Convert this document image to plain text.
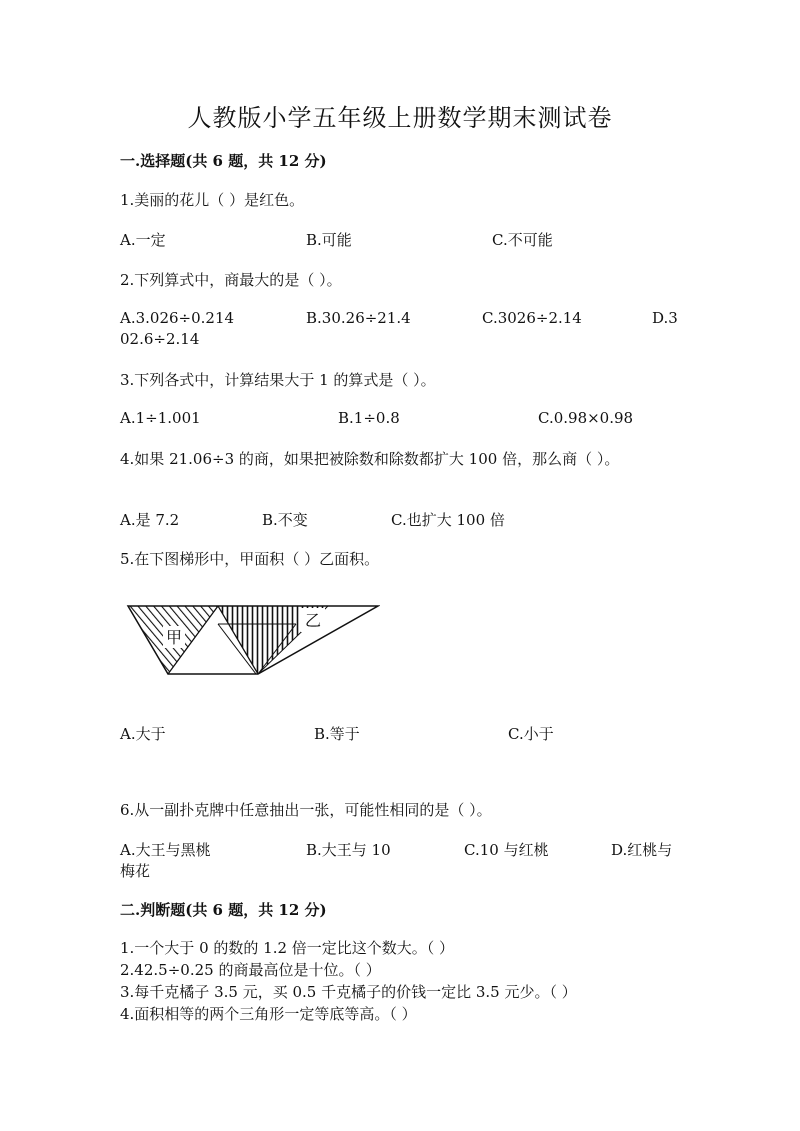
人教版小学五年级上册数学期末测试卷
一.选择题(共 6 题，共 12 分)
1.美丽的花儿（ ）是红色。
A.一定	B.可能	C.不可能
2.下列算式中，商最大的是（ ）。
A.3.026÷0.214	B.30.26÷21.4	C.3026÷2.14	D.3
02.6÷2.14
3.下列各式中，计算结果大于 1 的算式是（ ）。
A.1÷1.001	B.1÷0.8	C.0.98×0.98
4.如果 21.06÷3 的商，如果把被除数和除数都扩大 100 倍，那么商（ ）。
A.是 7.2	B.不变	C.也扩大 100 倍
5.在下图梯形中，甲面积（ ）乙面积。
甲
乙
A.大于	B.等于	C.小于
6.从一副扑克牌中任意抽出一张，可能性相同的是（ ）。
A.大王与黑桃	B.大王与 10	C.10 与红桃	D.红桃与
梅花
二.判断题(共 6 题，共 12 分)
1.一个大于 0 的数的 1.2 倍一定比这个数大。（ ）
2.42.5÷0.25 的商最高位是十位。（ ）
3.每千克橘子 3.5 元，买 0.5 千克橘子的价钱一定比 3.5 元少。（ ）
4.面积相等的两个三角形一定等底等高。（ ）
